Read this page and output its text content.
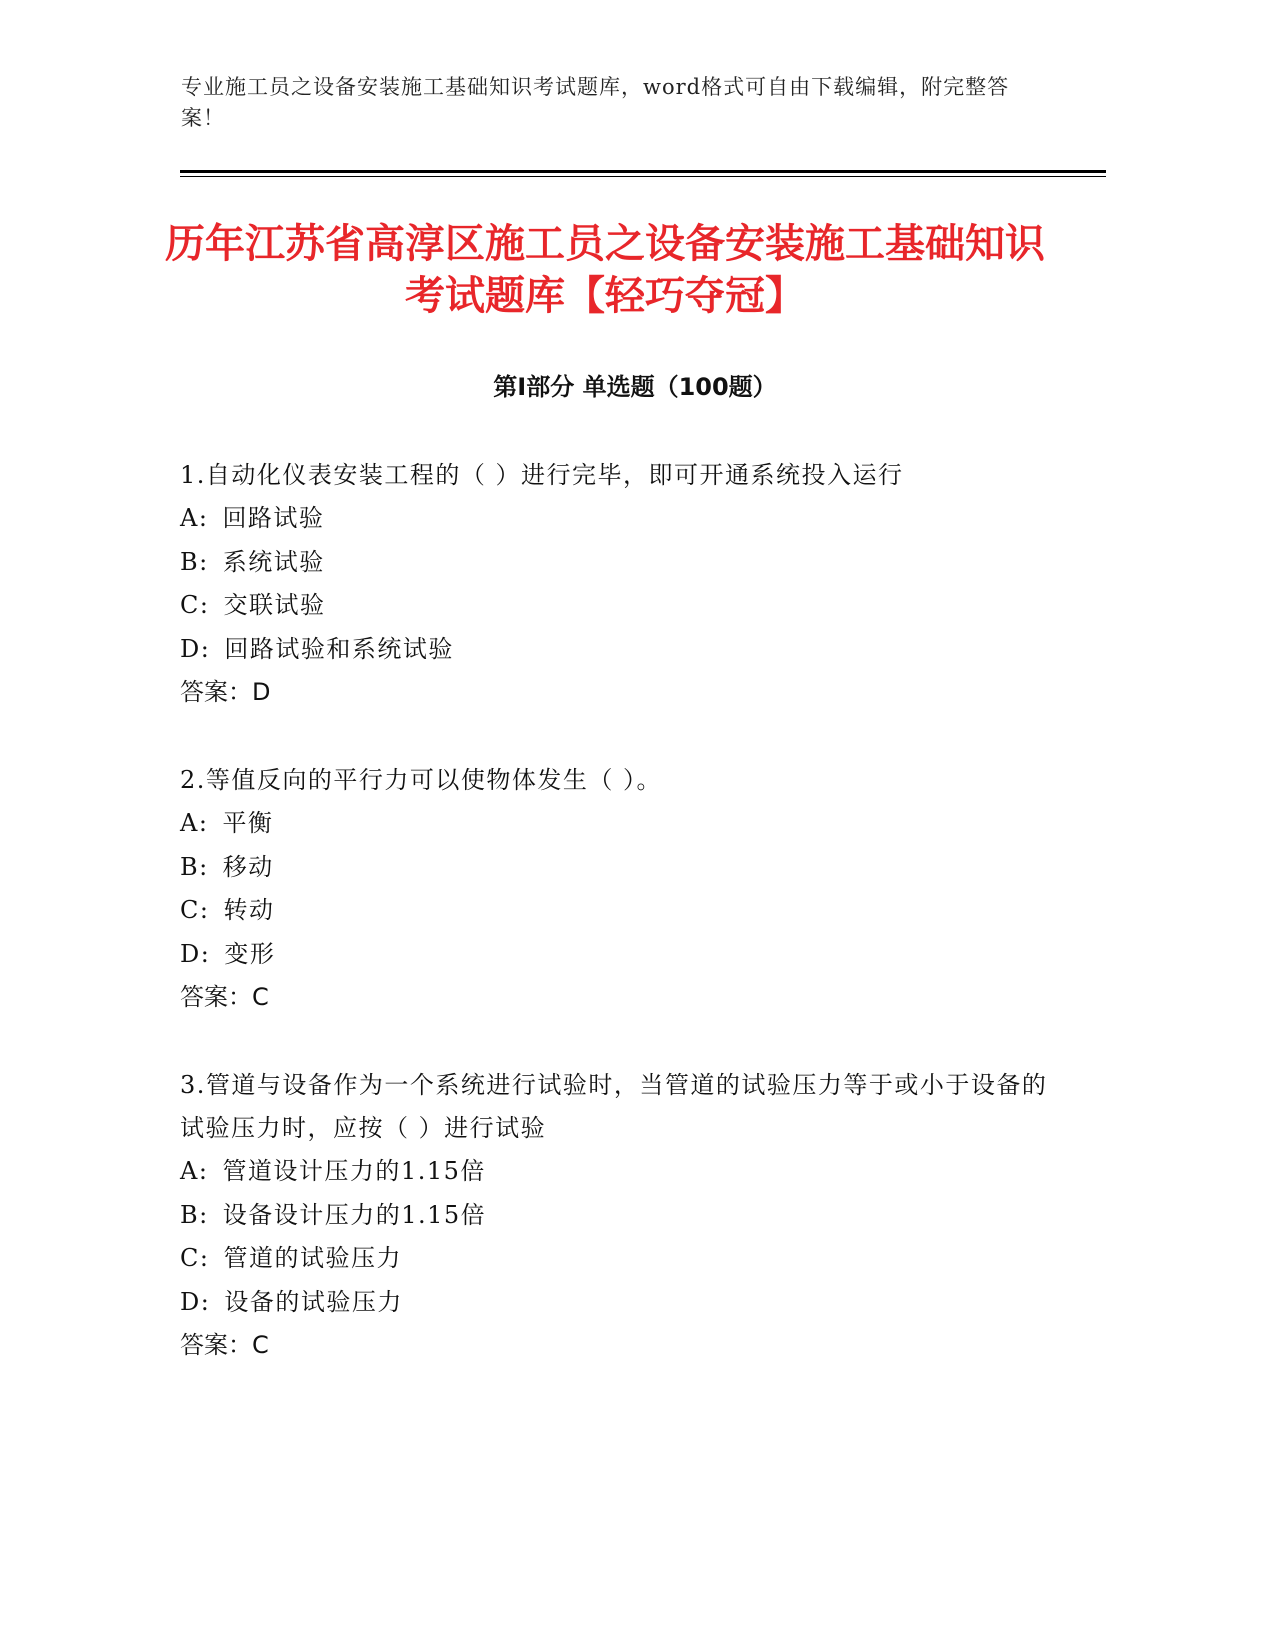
专业施工员之设备安装施工基础知识考试题库，word格式可自由下载编辑，附完整答案！
历年江苏省高淳区施工员之设备安装施工基础知识考试题库【轻巧夺冠】
第I部分 单选题（100题）
1.自动化仪表安装工程的（ ）进行完毕，即可开通系统投入运行
A: 回路试验
B: 系统试验
C: 交联试验
D: 回路试验和系统试验
答案：D
2.等值反向的平行力可以使物体发生（ ）。
A: 平衡
B: 移动
C: 转动
D: 变形
答案：C
3.管道与设备作为一个系统进行试验时，当管道的试验压力等于或小于设备的试验压力时，应按（ ）进行试验
A: 管道设计压力的1.15倍
B: 设备设计压力的1.15倍
C: 管道的试验压力
D: 设备的试验压力
答案：C
